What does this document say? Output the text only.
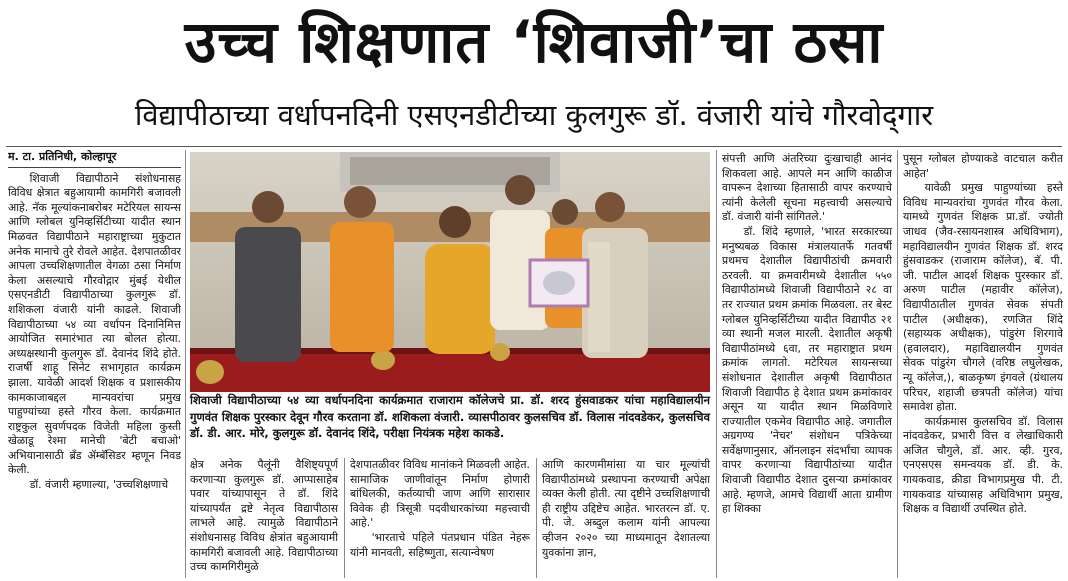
उच्च शिक्षणात ‘शिवाजी’चा ठसा
विद्यापीठाच्या वर्धापनदिनी एसएनडीटीच्या कुलगुरू डॉ. वंजारी यांचे गौरवोद्‌गार
म. टा. प्रतिनिधी, कोल्हापूर

शिवाजी विद्यापीठाने संशोधनासह विविध क्षेत्रात बहुआयामी कामगिरी बजावली आहे. नॅक मूल्यांकनाबरोबर मटेरियल सायन्स आणि ग्लोबल युनिव्हर्सिटीच्या यादीत स्थान मिळवत विद्यापीठाने महाराष्ट्राच्या मुकुटात अनेक मानाचे तुरे रोवले आहेत. देशपातळीवर आपला उच्चशिक्षणातील वेगळा ठसा निर्माण केला असल्याचे गौरवोद्गार मुंबई येथील एसएनडीटी विद्यापीठाच्या कुलगुरू डॉ. शशिकला वंजारी यांनी काढले. शिवाजी विद्यापीठाच्या ५४ व्या वर्धापन दिनानिमित्त आयोजित समारंभात त्या बोलत होत्या. अध्यक्षस्थानी कुलगुरू डॉ. देवानंद शिंदे होते. राजर्षी शाहू सिनेट सभागृहात कार्यक्रम झाला. यावेळी आदर्श शिक्षक व प्रशासकीय कामकाजाबद्दल मान्यवरांचा प्रमुख पाहुण्यांच्या हस्ते गौरव केला. कार्यक्रमात राष्ट्रकुल सुवर्णपदक विजेती महिला कुस्ती खेळाडू रेश्मा मानेची 'बेटी बचाओ' अभियानासाठी ब्रँड ॲम्बॅसिडर म्हणून निवड केली.

डॉ. वंजारी म्हणाल्या, 'उच्चशिक्षणाचे

शिवाजी विद्यापीठाच्या ५४ व्या वर्धापनदिना कार्यक्रमात राजाराम कॉलेजचे प्रा. डॉ. शरद हुंसवाडकर यांचा महाविद्यालयीन गुणवंत शिक्षक पुरस्कार देवून गौरव करताना डॉ. शशिकला वंजारी. व्यासपीठावर कुलसचिव डॉ. विलास नांदवडेकर, कुलसचिव डॉ. डी. आर. मोरे, कुलगुरू डॉ. देवानंद शिंदे, परीक्षा नियंत्रक महेश काकडे.

क्षेत्र अनेक पैलूंनी वैशिष्ट्यपूर्ण करणाऱ्या कुलगुरू डॉ. आप्पासाहेब पवार यांच्यापासून ते डॉ. शिंदे यांच्यापर्यंत द्रष्टे नेतृत्व विद्यापीठास लाभले आहे. त्यामुळे विद्यापीठाने संशोधनासह विविध क्षेत्रांत बहुआयामी कामगिरी बजावली आहे. विद्यापीठाच्या उच्च कामगिरीमुळे

देशपातळीवर विविध मानांकने मिळवली आहेत. सामाजिक जाणीवांतून निर्माण होणारी बांधिलकी, कर्तव्याची जाण आणि सारासार विवेक ही त्रिसूत्री पदवीधारकांच्या महत्त्वाची आहे.'

'भारताचे पहिले पंतप्रधान पंडित नेहरू यांनी मानवती, सहिष्णुता, सत्यान्वेषण

आणि कारणमीमांसा या चार मूल्यांची विद्यापीठांमध्ये प्रस्थापना करण्याची अपेक्षा व्यक्त केली होती. त्या दृष्टीने उच्चशिक्षणाची ही राष्ट्रीय उद्दिष्टेच आहेत. भारतरत्न डॉ. ए. पी. जे. अब्दुल कलाम यांनी आपल्या व्हीजन २०२० च्या माध्यमातून देशातल्या युवकांना ज्ञान,

संपत्ती आणि अंतरिच्या दुःखाचाही आनंद शिकवला आहे. आपले मन आणि काळीज वापरून देशाच्या हितासाठी वापर करण्याचे त्यांनी केलेली सूचना महत्त्वाची असल्याचे डॉ. वंजारी यांनी सांगितले.'

डॉ. शिंदे म्हणाले, 'भारत सरकारच्या मनुष्यबळ विकास मंत्रालयातर्फे गतवर्षी प्रथमच देशातील विद्यापीठांची क्रमवारी ठरवली. या क्रमवारीमध्ये देशातील ५५० विद्यापीठांमध्ये शिवाजी विद्यापीठाने २८ वा तर राज्यात प्रथम क्रमांक मिळवला. तर बेस्ट ग्लोबल युनिव्हर्सिटीच्या यादीत विद्यापीठ २१ व्या स्थानी मजल मारली. देशातील अकृषी विद्यापीठांमध्ये ६वा, तर महाराष्ट्रात प्रथम क्रमांक लागतो. मटेरियल सायन्सच्या संशोधनात देशातील अकृषी विद्यापीठात शिवाजी विद्यापीठ हे देशात प्रथम क्रमांकावर असून या यादीत स्थान मिळविणारे राज्यातील एकमेव विद्यापीठ आहे. जगातील अग्रगण्य 'नेचर' संशोधन पत्रिकेच्या सर्वेक्षणानुसार, ऑनलाइन संदर्भांचा व्यापक वापर करणाऱ्या विद्यापीठांच्या यादीत शिवाजी विद्यापीठ देशात दुसऱ्या क्रमांकावर आहे. म्हणजे, आमचे विद्यार्थी आता ग्रामीण हा शिक्का

पुसून ग्लोबल होण्याकडे वाटचाल करीत आहेत'

यावेळी प्रमुख पाहुण्यांच्या हस्ते विविध मान्यवरांचा गुणवंत गौरव केला. यामध्ये गुणवंत शिक्षक प्रा.डॉ. ज्योती जाधव (जैव-रसायनशास्त्र अधिविभाग), महाविद्यालयीन गुणवंत शिक्षक डॉ. शरद हुंसवाडकर (राजाराम कॉलेज), बॅ. पी. जी. पाटील आदर्श शिक्षक पुरस्कार डॉ. अरुण पाटील (महावीर कॉलेज), विद्यापीठातील गुणवंत सेवक संपती पाटील (अधीक्षक), रणजित शिंदे (सहाय्यक अधीक्षक), पांडुरंग शिरगावे (हवालदार), महाविद्यालयीन गुणवंत सेवक पांडुरंग चौगले (वरिष्ठ लघुलेखक, न्यू कॉलेज,), बाळकृष्ण इंगवले (ग्रंथालय परिचर, शहाजी छत्रपती कॉलेज) यांचा समावेश होता.

कार्यक्रमास कुलसचिव डॉ. विलास नांदवडेकर, प्रभारी वित्त व लेखाधिकारी अजित चौगुले, डॉ. आर. व्ही. गुरव, एनएसएस समन्वयक डॉ. डी. के. गायकवाड, क्रीडा विभागप्रमुख पी. टी. गायकवाड यांच्यासह अधिविभाग प्रमुख, शिक्षक व विद्यार्थी उपस्थित होते.
